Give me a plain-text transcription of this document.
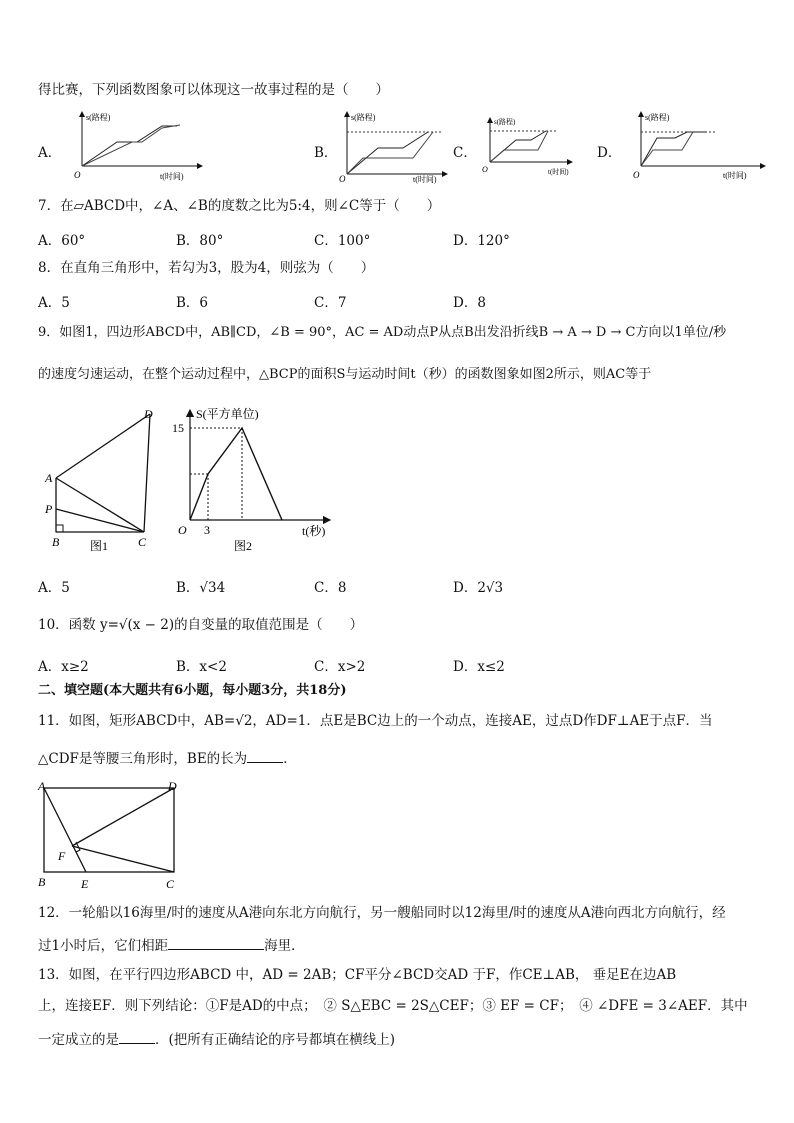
得比赛，下列函数图象可以体现这一故事过程的是（　　）
A．
s(路程)
t(时间)
O
B．
s(路程)
t(时间)
O
C．
s(路程)
t(时间)
O
D．
s(路程)
t(时间)
O
7．在▱ABCD中，∠A、∠B的度数之比为5:4，则∠C等于（　　）
A．60°	B．80°	C．100°	D．120°
8．在直角三角形中，若勾为3，股为4，则弦为（　　）
A．5	B．6	C．7	D．8
9．如图1，四边形ABCD中，AB∥CD，∠B = 90°，AC = AD动点P从点B出发沿折线B → A → D → C方向以1单位/秒
的速度匀速运动，在整个运动过程中，△BCP的面积S与运动时间t（秒）的函数图象如图2所示，则AC等于
A
B	C
D
P
图1
S(平方单位)
15
3
O	t(秒)
图2
A．5	B．√34	C．8	D．2√3
10．函数 y=√(x − 2)的自变量的取值范围是（　　）
A．x≥2	B．x<2	C．x>2	D．x≤2
二、填空题(本大题共有6小题，每小题3分，共18分)
11．如图，矩形ABCD中，AB=√2，AD=1．点E是BC边上的一个动点，连接AE，过点D作DF⊥AE于点F．当
△CDF是等腰三角形时，BE的长为	．
A
B	C
D
E
F
12．一轮船以16海里/时的速度从A港向东北方向航行，另一艘船同时以12海里/时的速度从A港向西北方向航行，经
过1小时后，它们相距	海里．
13．如图，在平行四边形ABCD 中，AD = 2AB；CF平分∠BCD交AD 于F，作CE⊥AB， 垂足E在边AB
上，连接EF．则下列结论：①F是AD的中点；　② S△EBC = 2S△CEF；③ EF = CF；　④ ∠DFE = 3∠AEF．其中
一定成立的是	．(把所有正确结论的序号都填在横线上)
